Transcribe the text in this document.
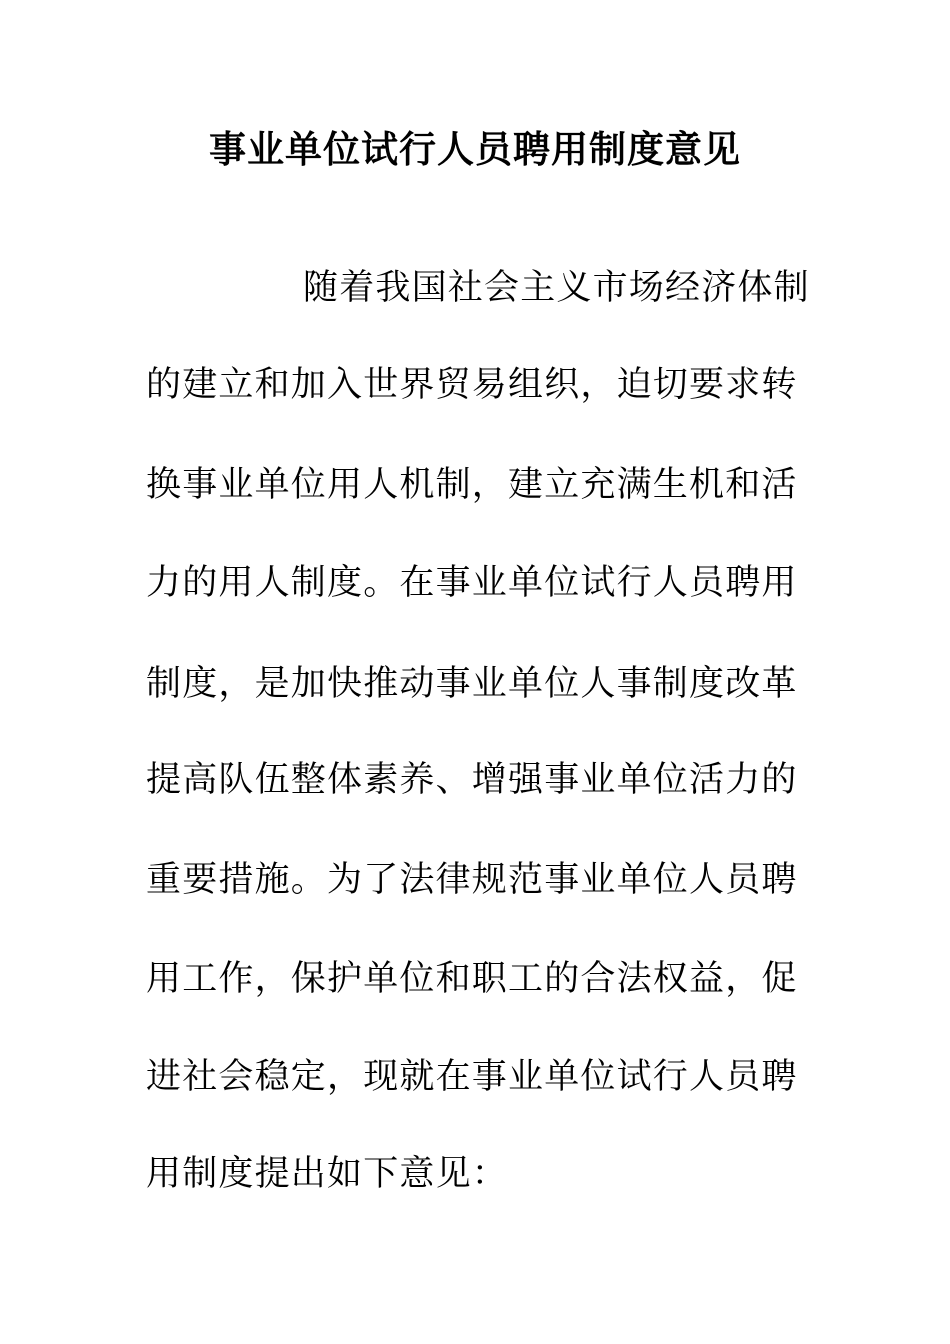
事业单位试行人员聘用制度意见
随着我国社会主义市场经济体制
的建立和加入世界贸易组织，迫切要求转
换事业单位用人机制，建立充满生机和活
力的用人制度。在事业单位试行人员聘用
制度，是加快推动事业单位人事制度改革
提高队伍整体素养、增强事业单位活力的
重要措施。为了法律规范事业单位人员聘
用工作，保护单位和职工的合法权益，促
进社会稳定，现就在事业单位试行人员聘
用制度提出如下意见：
